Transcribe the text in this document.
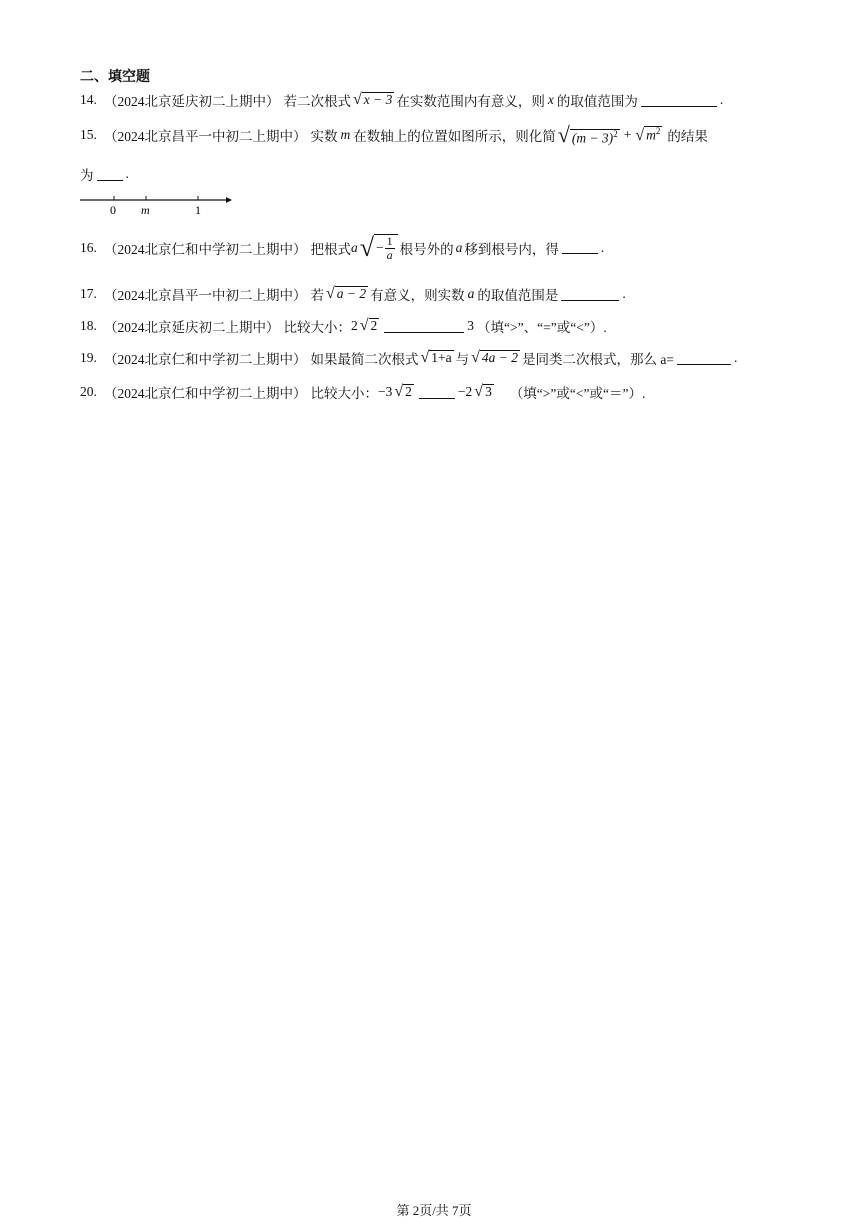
二、填空题
14. （2024北京延庆初二上期中） 若二次根式 √ x − 3 在实数范围内有意义，则 x 的取值范围为	.
15. （2024北京昌平一中初二上期中） 实数 m 在数轴上的位置如图所示，则化简 √ $(m - 3)^2$ + √ $m^2$ 的结果
为 .
0 m	1
16. （2024北京仁和中学初二上期中） 把根式 a √ − $\frac{1}{a}$ 根号外的 a 移到根号内，得	.
17. （2024北京昌平一中初二上期中） 若 √ a − 2 有意义，则实数 a 的取值范围是	.
18. （2024北京延庆初二上期中） 比较大小： 2 √ 2	3 （填“>”、“=”或“<”）.
19. （2024北京仁和中学初二上期中） 如果最简二次根式 √ 1+a 与 √ 4a − 2 是同类二次根式，那么 a=	.
20. （2024北京仁和中学初二上期中） 比较大小： −3 √ 2	−2 √ 3 （填“>”或“<”或“＝”）.
第 2页/共 7页
